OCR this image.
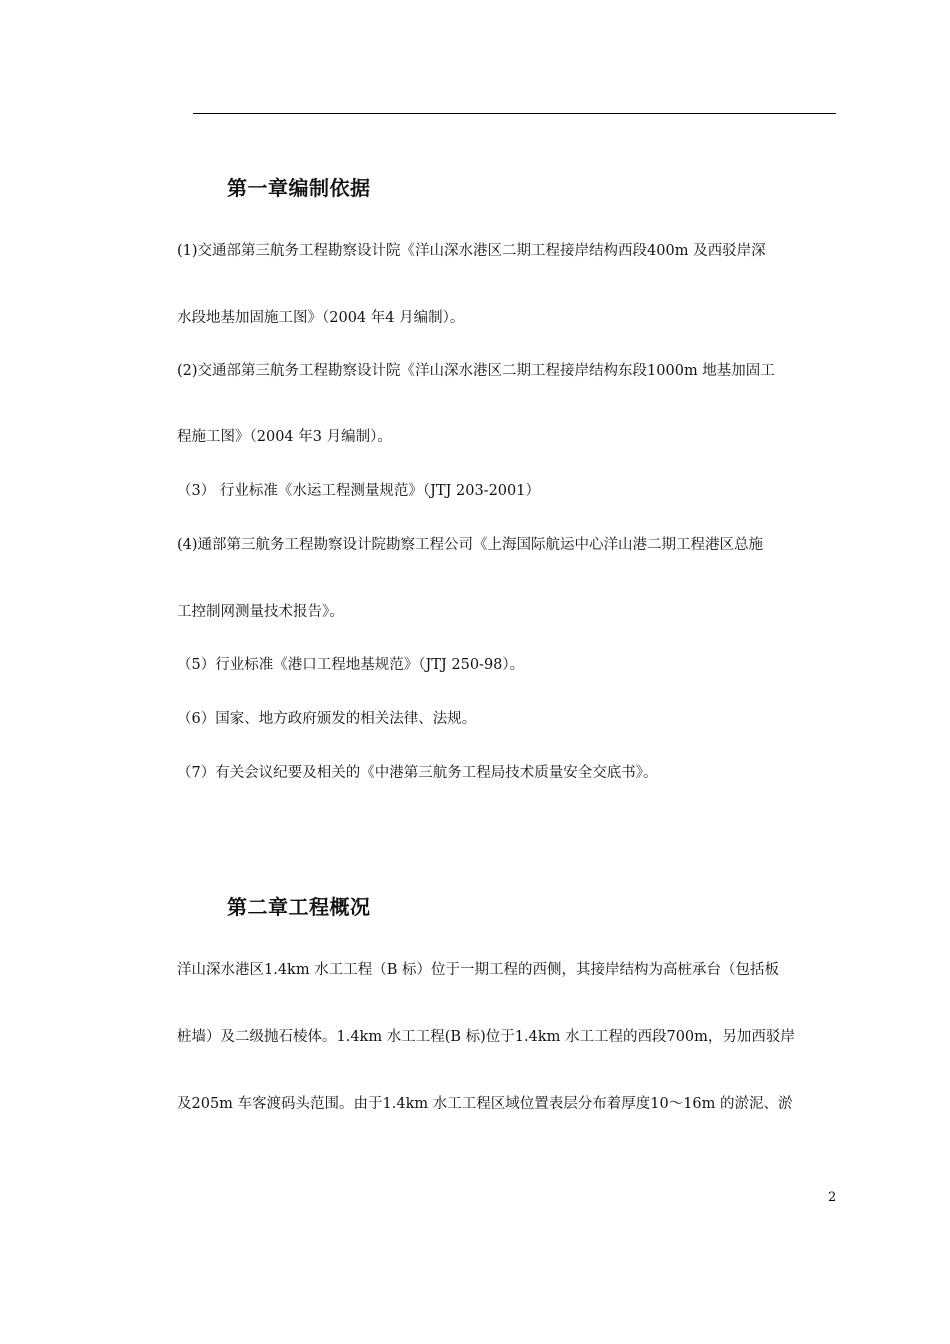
第一章编制依据
(1)交通部第三航务工程勘察设计院《洋山深水港区二期工程接岸结构西段400m 及西驳岸深
水段地基加固施工图》（2004 年4 月编制）。
(2)交通部第三航务工程勘察设计院《洋山深水港区二期工程接岸结构东段1000m 地基加固工
程施工图》（2004 年3 月编制）。
（3） 行业标准《水运工程测量规范》（JTJ 203-2001）
(4)通部第三航务工程勘察设计院勘察工程公司《上海国际航运中心洋山港二期工程港区总施
工控制网测量技术报告》。
（5）行业标准《港口工程地基规范》（JTJ 250-98）。
（6）国家、地方政府颁发的相关法律、法规。
（7）有关会议纪要及相关的《中港第三航务工程局技术质量安全交底书》。
第二章工程概况
洋山深水港区1.4km 水工工程（B 标）位于一期工程的西侧，其接岸结构为高桩承台（包括板
桩墙）及二级抛石棱体。1.4km 水工工程(B 标)位于1.4km 水工工程的西段700m，另加西驳岸
及205m 车客渡码头范围。由于1.4km 水工工程区域位置表层分布着厚度10～16m 的淤泥、淤
2
